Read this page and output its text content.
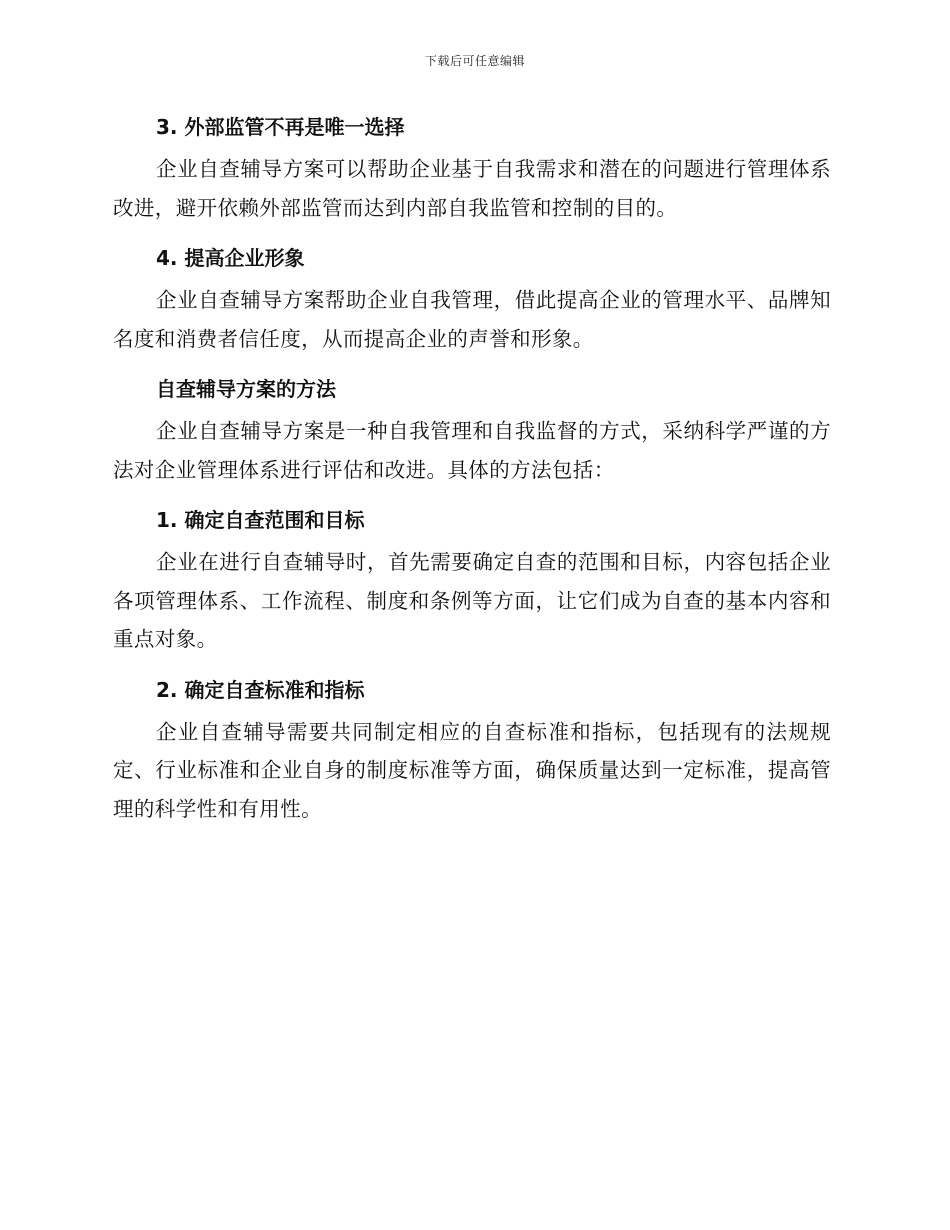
下载后可任意编辑
3. 外部监管不再是唯一选择

企业自查辅导方案可以帮助企业基于自我需求和潜在的问题进行管理体系改进，避开依赖外部监管而达到内部自我监管和控制的目的。

4. 提高企业形象

企业自查辅导方案帮助企业自我管理，借此提高企业的管理水平、品牌知名度和消费者信任度，从而提高企业的声誉和形象。

自查辅导方案的方法

企业自查辅导方案是一种自我管理和自我监督的方式，采纳科学严谨的方法对企业管理体系进行评估和改进。具体的方法包括：

1. 确定自查范围和目标

企业在进行自查辅导时，首先需要确定自查的范围和目标，内容包括企业各项管理体系、工作流程、制度和条例等方面，让它们成为自查的基本内容和重点对象。

2. 确定自查标准和指标

企业自查辅导需要共同制定相应的自查标准和指标，包括现有的法规规定、行业标准和企业自身的制度标准等方面，确保质量达到一定标准，提高管理的科学性和有用性。
